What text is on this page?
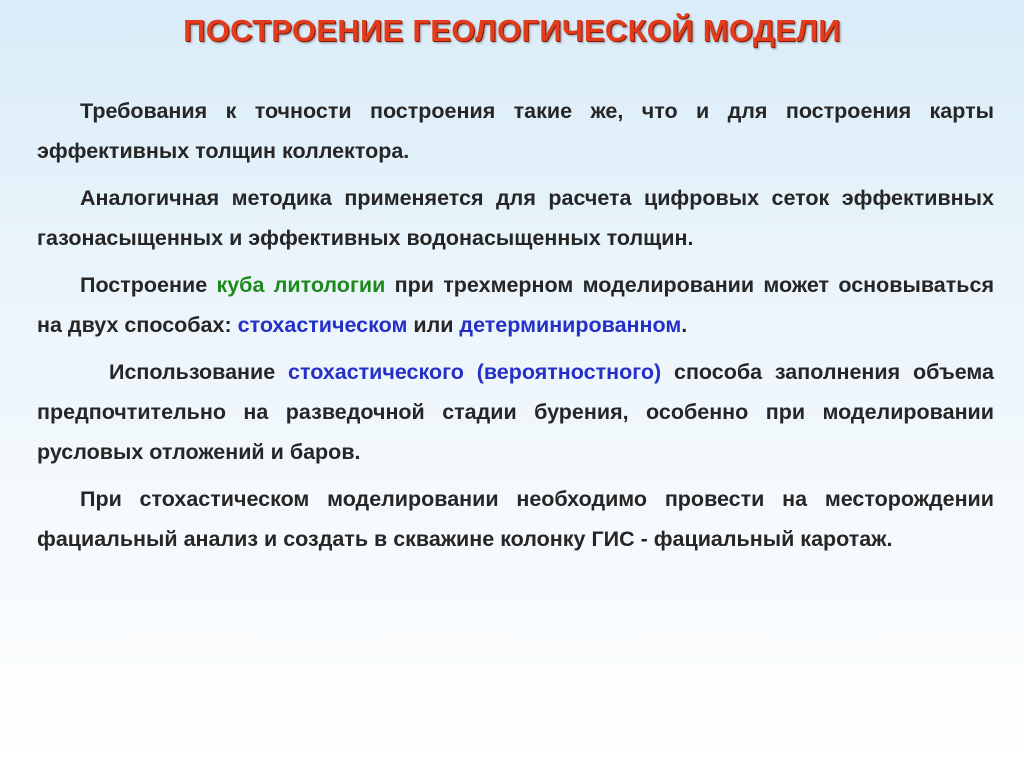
ПОСТРОЕНИЕ ГЕОЛОГИЧЕСКОЙ МОДЕЛИ

Требования к точности построения такие же, что и для построения карты эффективных толщин коллектора.

Аналогичная методика применяется для расчета цифровых сеток эффективных газонасыщенных и эффективных водонасыщенных толщин.

Построение куба литологии при трехмерном моделировании может основываться на двух способах: стохастическом или детерминированном.

Использование стохастического (вероятностного) способа заполнения объема предпочтительно на разведочной стадии бурения, особенно при моделировании русловых отложений и баров.

При стохастическом моделировании необходимо провести на месторождении фациальный анализ и создать в скважине колонку ГИС - фациальный каротаж.
